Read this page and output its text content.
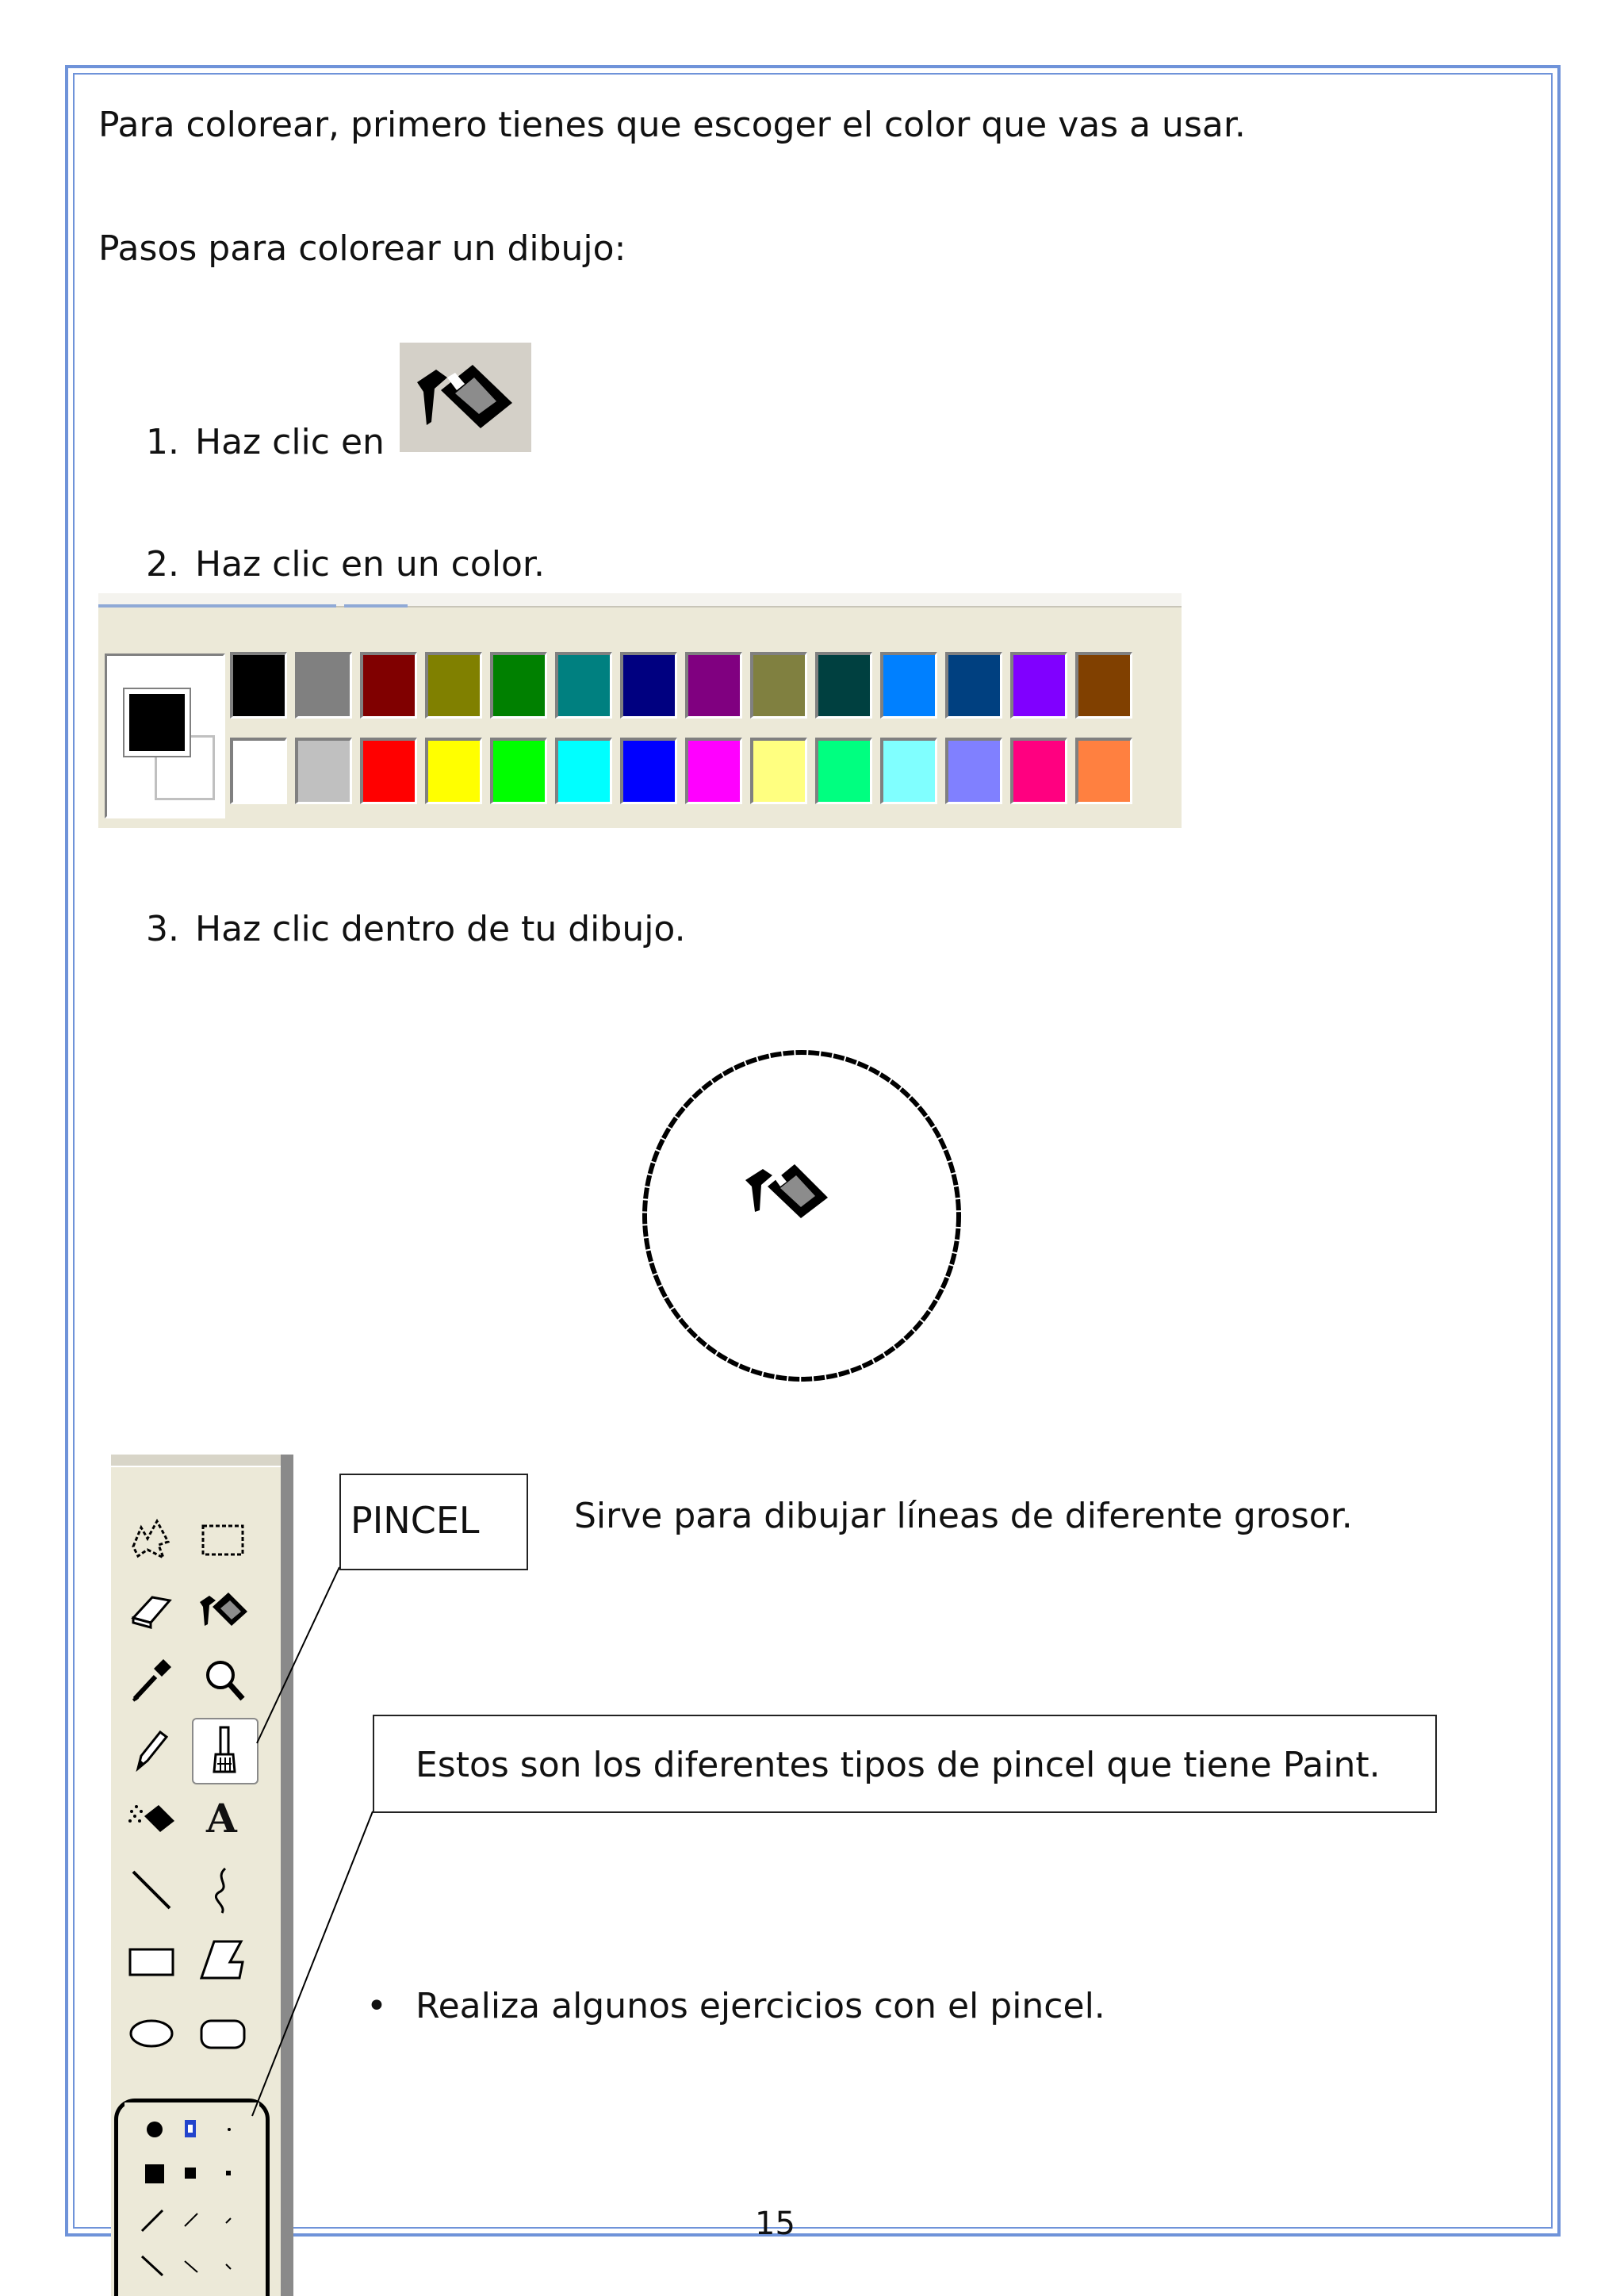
Para colorear, primero tienes que escoger el color que vas a usar.
Pasos para colorear un dibujo:
1. Haz clic en
2. Haz clic en un color.
3. Haz clic dentro de tu dibujo.
A
PINCEL	Sirve para dibujar líneas de diferente grosor.
Estos son los diferentes tipos de pincel que tiene Paint.
• Realiza algunos ejercicios con el pincel.
15
